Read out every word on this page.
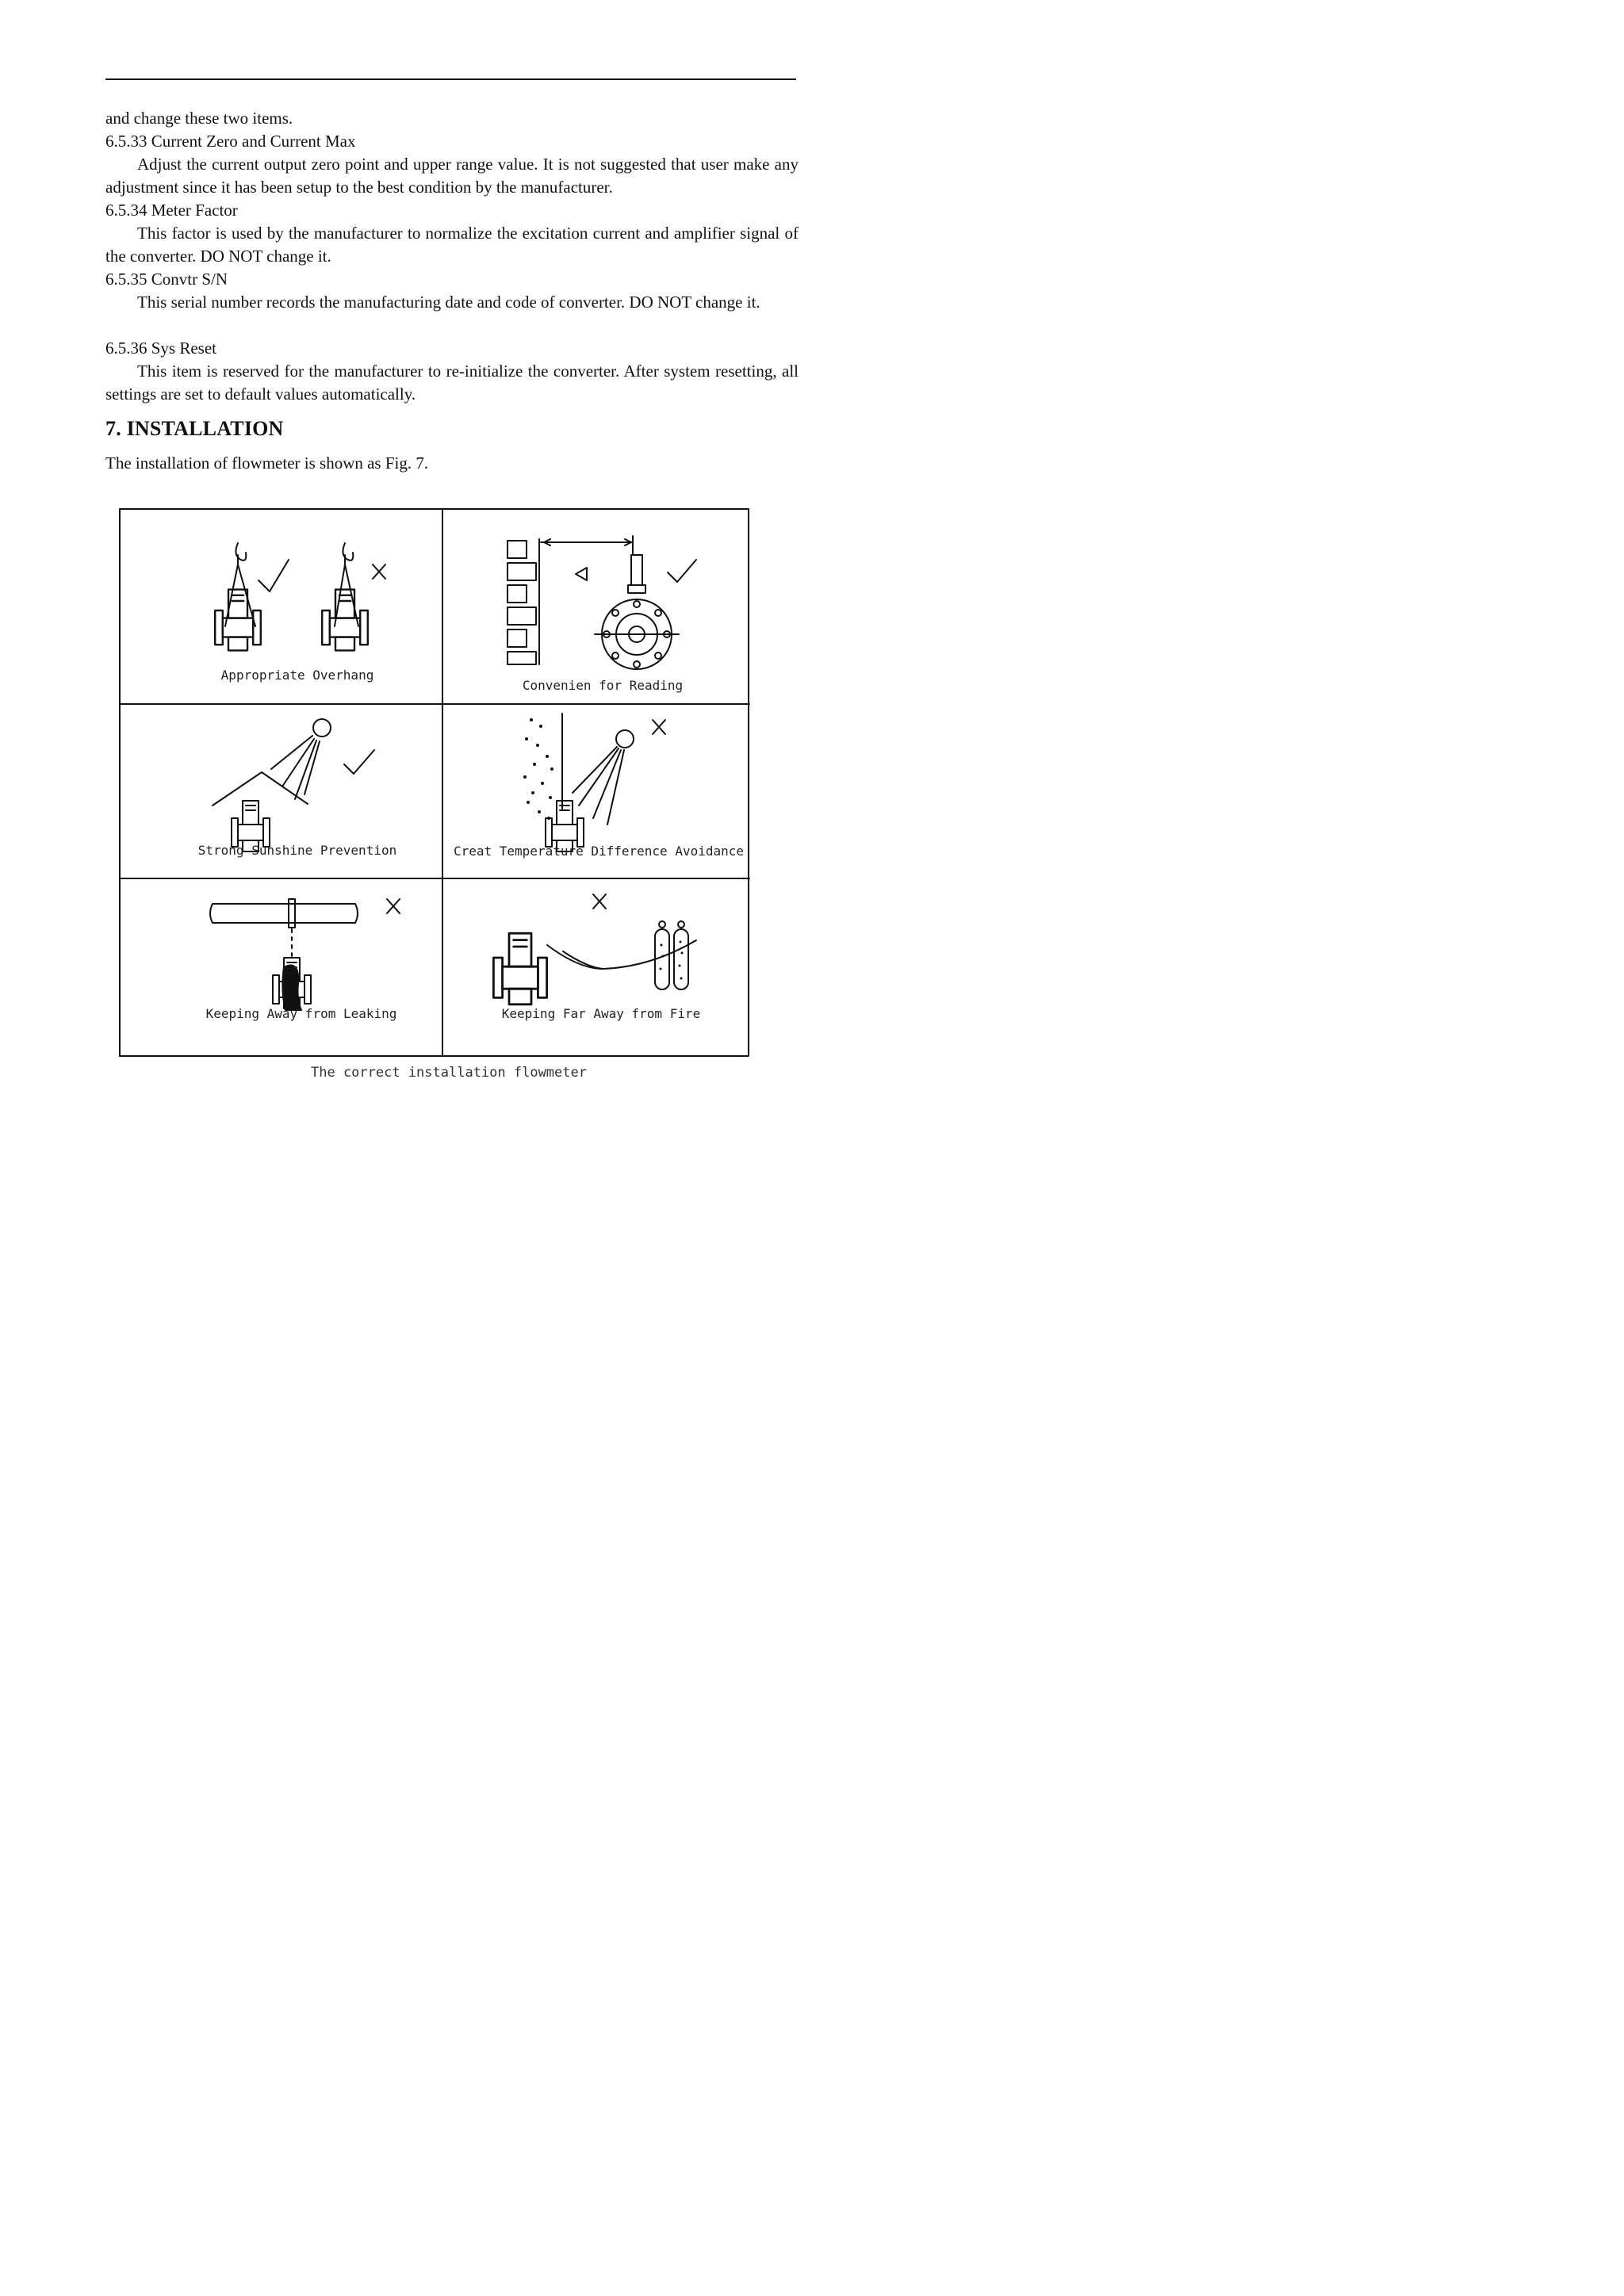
and change these two items.
6.5.33 Current Zero and Current Max
Adjust the current output zero point and upper range value. It is not suggested that user make any adjustment since it has been setup to the best condition by the manufacturer.
6.5.34 Meter Factor
This factor is used by the manufacturer to normalize the excitation current and amplifier signal of the converter. DO NOT change it.
6.5.35 Convtr S/N
This serial number records the manufacturing date and code of converter. DO NOT change it.
6.5.36 Sys Reset
This item is reserved for the manufacturer to re-initialize the converter. After system resetting, all settings are set to default values automatically.
7. INSTALLATION
The installation of flowmeter is shown as Fig. 7.
Appropriate Overhang
Convenien for Reading
Strong Sunshine Prevention	Creat Temperature Difference Avoidance
Keeping Away from Leaking	Keeping Far Away from Fire
The correct installation flowmeter
